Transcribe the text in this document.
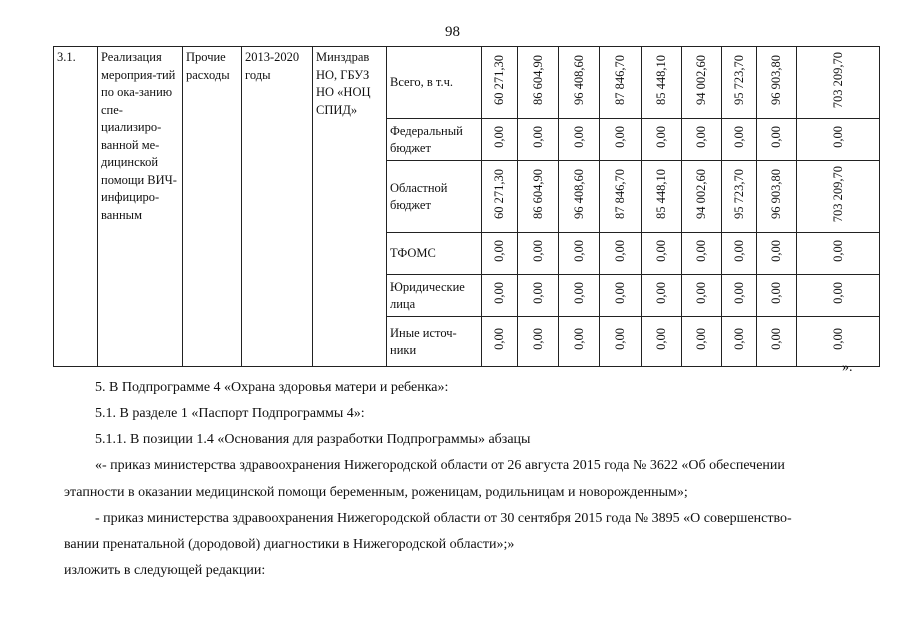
98
3.1.	Реализация мероприя-тий по ока-занию спе-циализиро-ванной ме-дицинской помощи ВИЧ-инфициро-ванным	Прочие расходы	2013-2020 годы	Минздрав НО, ГБУЗ НО «НОЦ СПИД»	Всего, в т.ч.	60 271,30	86 604,90	96 408,60	87 846,70	85 448,10	94 002,60	95 723,70	96 903,80	703 209,70
					Федеральный бюджет	0,00	0,00	0,00	0,00	0,00	0,00	0,00	0,00	0,00
					Областной бюджет	60 271,30	86 604,90	96 408,60	87 846,70	85 448,10	94 002,60	95 723,70	96 903,80	703 209,70
					ТФОМС	0,00	0,00	0,00	0,00	0,00	0,00	0,00	0,00	0,00
					Юридические лица	0,00	0,00	0,00	0,00	0,00	0,00	0,00	0,00	0,00
					Иные источ-ники	0,00	0,00	0,00	0,00	0,00	0,00	0,00	0,00	0,00
».
5. В Подпрограмме 4 «Охрана здоровья матери и ребенка»:
5.1. В разделе 1 «Паспорт Подпрограммы 4»:
5.1.1. В позиции 1.4 «Основания для разработки Подпрограммы» абзацы
«- приказ министерства здравоохранения Нижегородской области от 26 августа 2015 года № 3622 «Об обеспечении
этапности в оказании медицинской помощи беременным, роженицам, родильницам и новорожденным»;
- приказ министерства здравоохранения Нижегородской области от 30 сентября 2015 года № 3895 «О совершенство-
вании пренатальной (дородовой) диагностики в Нижегородской области»;»
изложить в следующей редакции:
